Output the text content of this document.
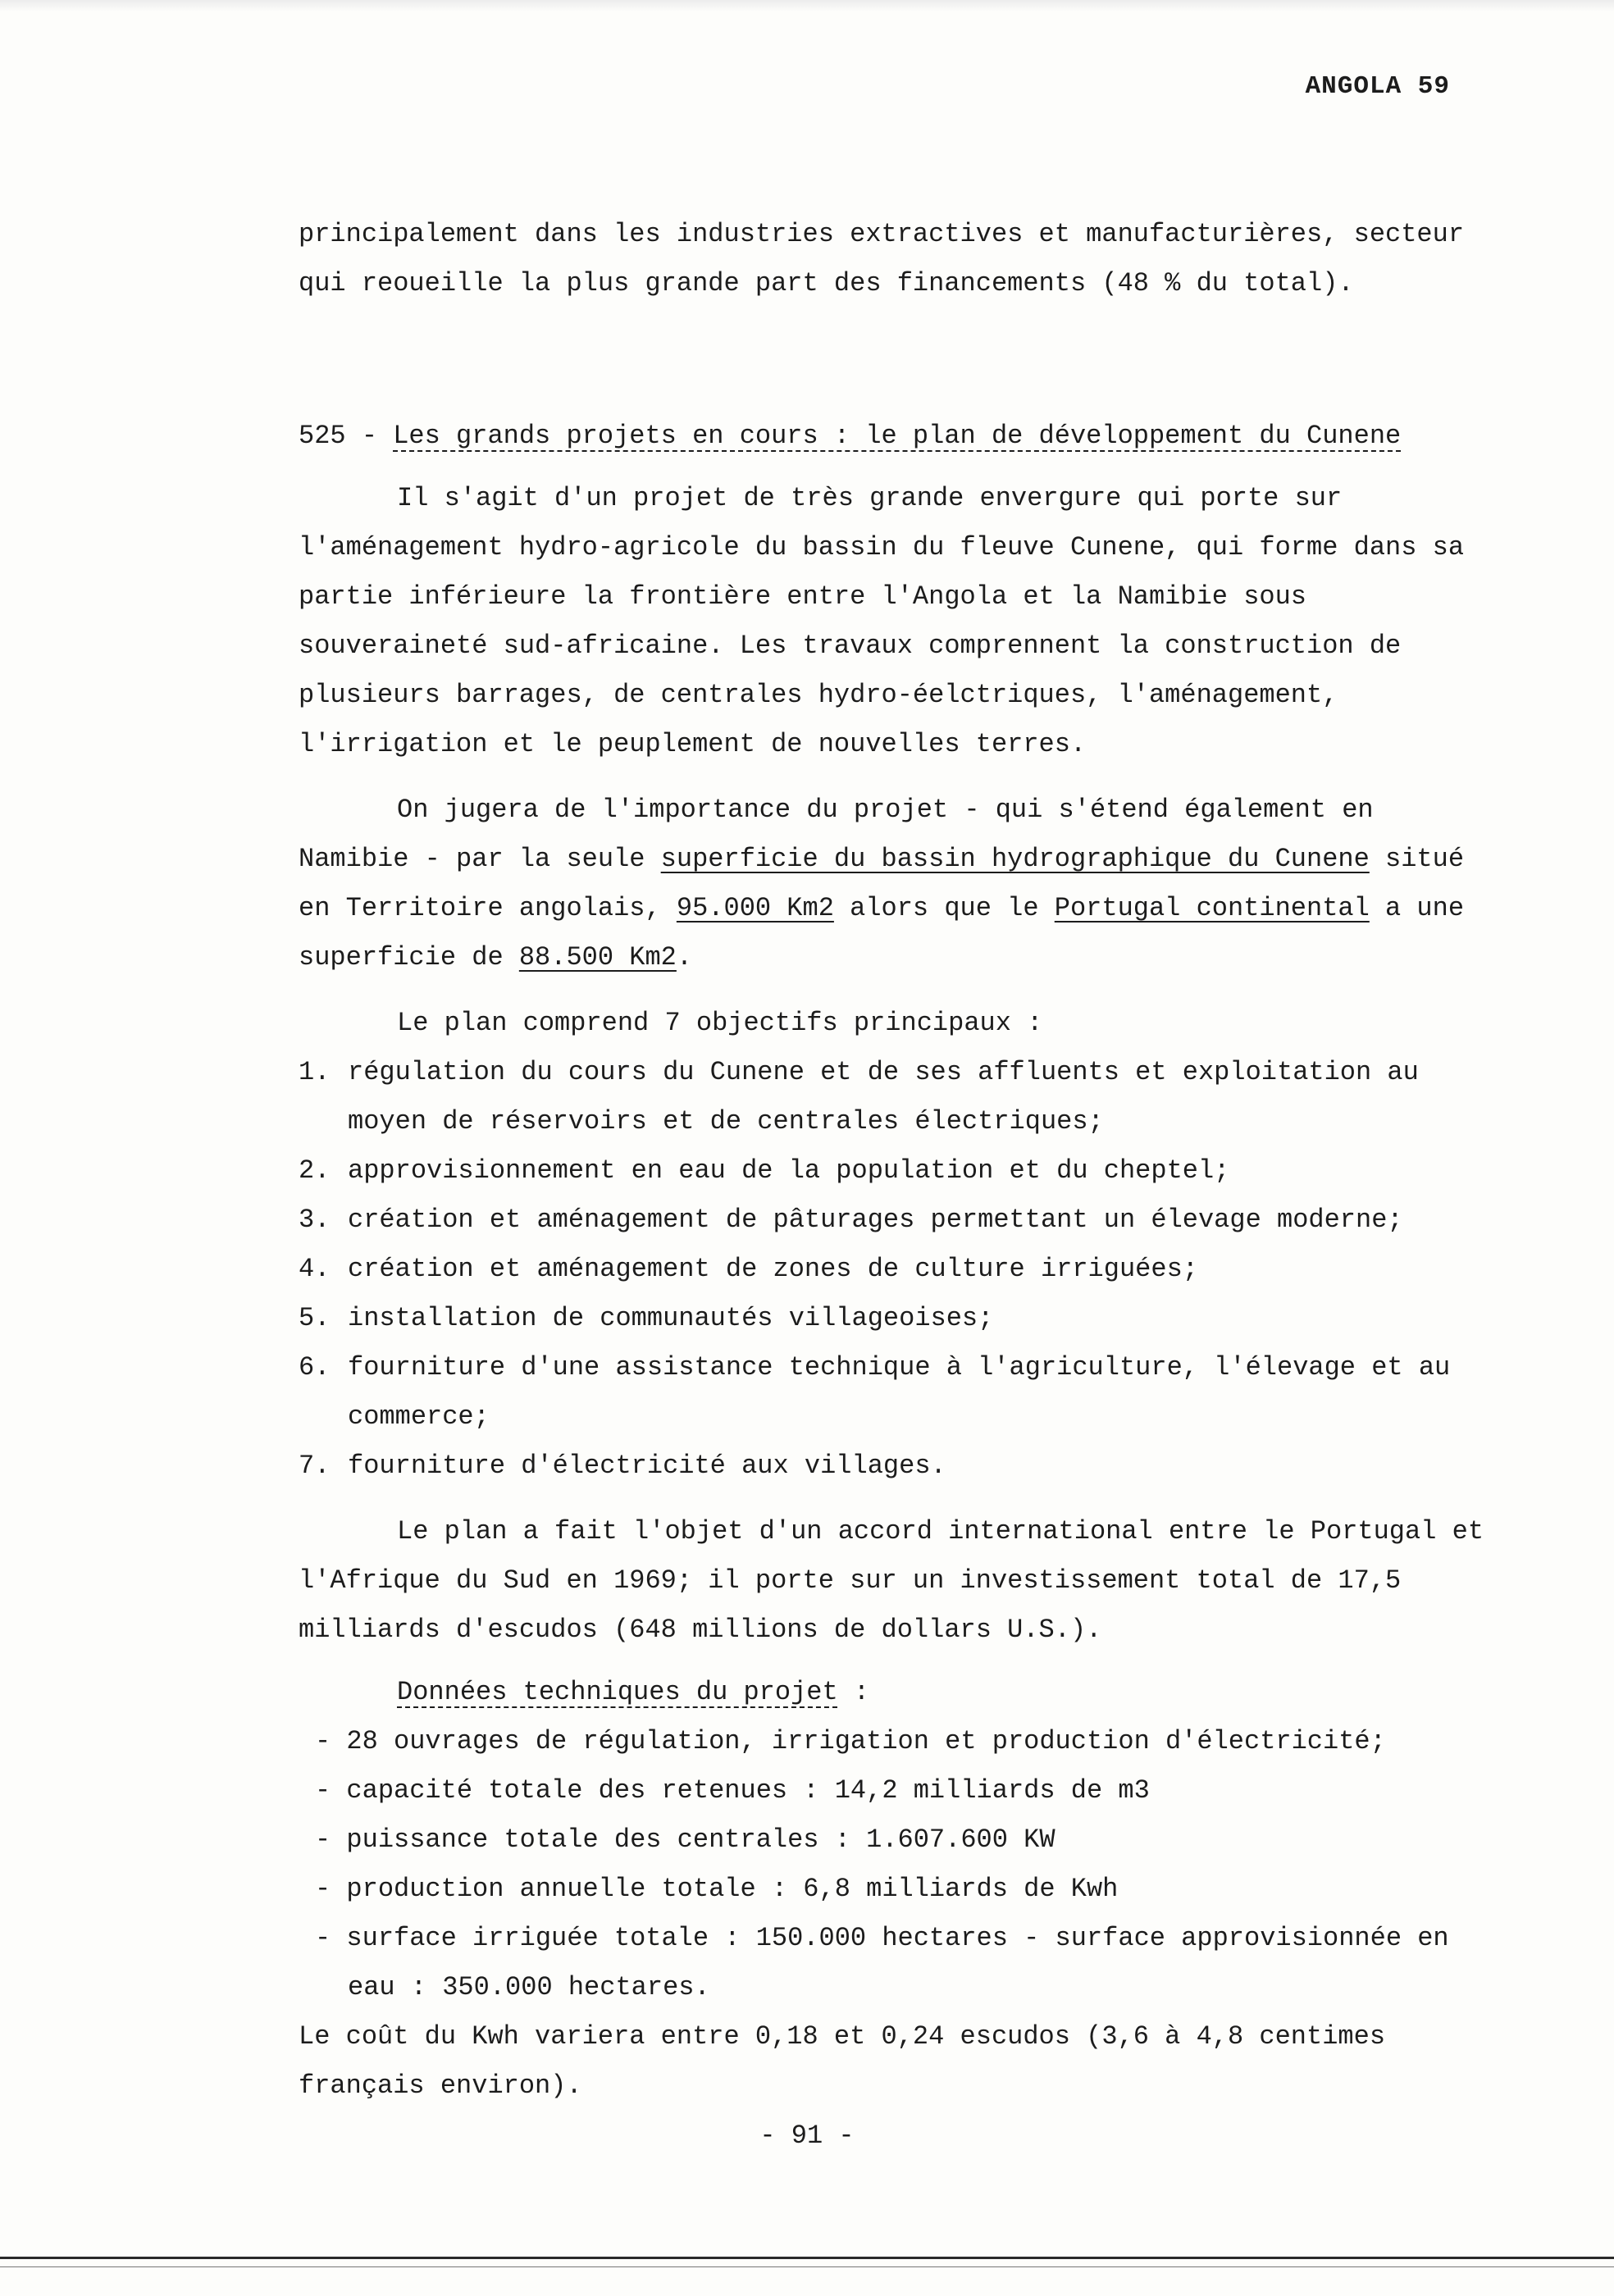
ANGOLA 59

principalement dans les industries extractives et manufacturières, secteur qui reoueille la plus grande part des financements (48 % du total).

525 - Les grands projets en cours : le plan de développement du Cunene

Il s'agit d'un projet de très grande envergure qui porte sur l'aménagement hydro-agricole du bassin du fleuve Cunene, qui forme dans sa partie inférieure la frontière entre l'Angola et la Namibie sous souveraineté sud-africaine. Les travaux comprennent la construction de plusieurs barrages, de centrales hydro-éelctriques, l'aménagement, l'irrigation et le peuplement de nouvelles terres.

On jugera de l'importance du projet - qui s'étend également en Namibie - par la seule superficie du bassin hydrographique du Cunene situé en Territoire angolais, 95.000 Km2 alors que le Portugal continental a une superficie de 88.500 Km2.

Le plan comprend 7 objectifs principaux :

1. régulation du cours du Cunene et de ses affluents et exploitation au moyen de réservoirs et de centrales électriques;

2. approvisionnement en eau de la population et du cheptel;

3. création et aménagement de pâturages permettant un élevage moderne;

4. création et aménagement de zones de culture irriguées;

5. installation de communautés villageoises;

6. fourniture d'une assistance technique à l'agriculture, l'élevage et au commerce;

7. fourniture d'électricité aux villages.

Le plan a fait l'objet d'un accord international entre le Portugal et l'Afrique du Sud en 1969; il porte sur un investissement total de 17,5 milliards d'escudos (648 millions de dollars U.S.).

Données techniques du projet :

- 28 ouvrages de régulation, irrigation et production d'électricité;

- capacité totale des retenues : 14,2 milliards de m3

- puissance totale des centrales : 1.607.600 KW

- production annuelle totale : 6,8 milliards de Kwh

- surface irriguée totale : 150.000 hectares - surface approvisionnée en eau : 350.000 hectares.

Le coût du Kwh variera entre 0,18 et 0,24 escudos (3,6 à 4,8 centimes français environ).

- 91 -
